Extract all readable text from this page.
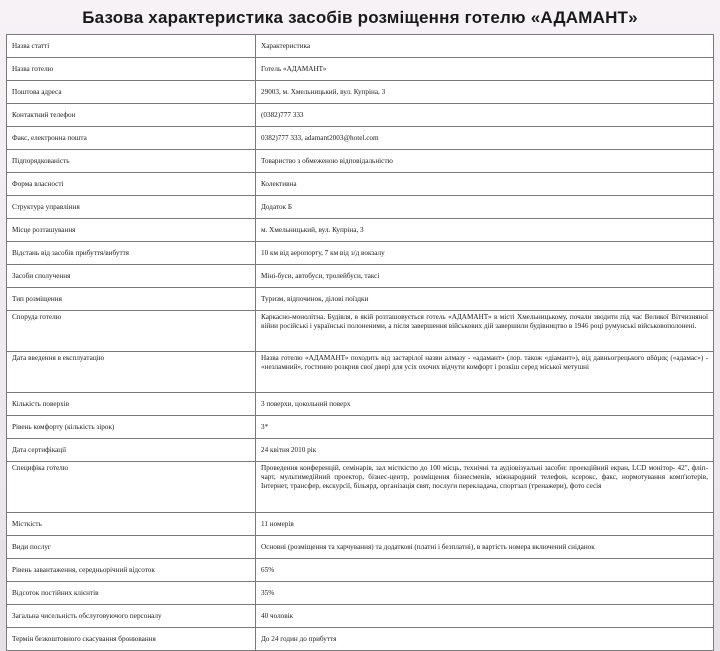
Базова характеристика засобів розміщення готелю «АДАМАНТ»
Назва статті	Характеристика
Назва готелю	Готель «АДАМАНТ»
Поштова адреса	29003, м. Хмельницький, вул. Купріна, 3
Контактний телефон	(0382)777 333
Факс, електронна пошта	0382)777 333, adamant2003@hotel.com
Підпорядкованість	Товариство з обмеженою відповідальністю
Форма власності	Колективна
Структура управління	Додаток Б
Місце розташування	м. Хмельницький, вул. Купріна, 3
Відстань від засобів прибуття/вибуття	10 км від аеропорту, 7 км від з/д вокзалу
Засоби сполучення	Міні-буси, автобуси, тролейбуси, таксі
Тип розміщення	Туризм, відпочинок, ділові поїздки
Споруда готелю	Каркасно-монолітна. Будівля, в якій розташовується готель «АДАМАНТ» в місті Хмельницькому, почали зводити під час Великої Вітчизняної війни російські і українські полоненими, а після завершення військових дій завершили будівництво в 1946 році румунські військовополонені.
Дата введення в експлуатацію	Назва готелю «АДАМАНТ» походить від застарілої назви алмазу - «адамант» (лор. також «діамант»), від давньогрецького αδάμας («адамас») - «незламний», гостинно розкрив свої двері для усіх охочих відчути комфорт і розкіш серед міської метушні
Кількість поверхів	3 поверхи, цокольний поверх
Рівень комфорту (кількість зірок)	3*
Дата сертифікації	24 квітня 2010 рік
Специфіка готелю	Проведення конференцій, семінарів, зал місткістю до 100 місць, технічні та аудіовізуальні засоби: проекційний екран, LCD монітор- 42", фліп-чарт, мультимедійний проектор, бізнес-центр, розміщення бізнесменів, міжнародний телефон, ксерокс, факс, нормотування комп'ютерів, Інтернет, трансфер, екскурсії, більярд, організація свят, послуги перекладача, спортзал (тренажери), фото сесія
Місткість	11 номерів
Види послуг	Основні (розміщення та харчування) та додаткові (платні і безплатні), в вартість номера включений сніданок
Рівень завантаження, середньорічний відсоток	65%
Відсоток постійних клієнтів	35%
Загальна чисельність обслуговуючого персоналу	40 чоловік
Термін безкоштовного скасування бронювання	До 24 годин до прибуття
